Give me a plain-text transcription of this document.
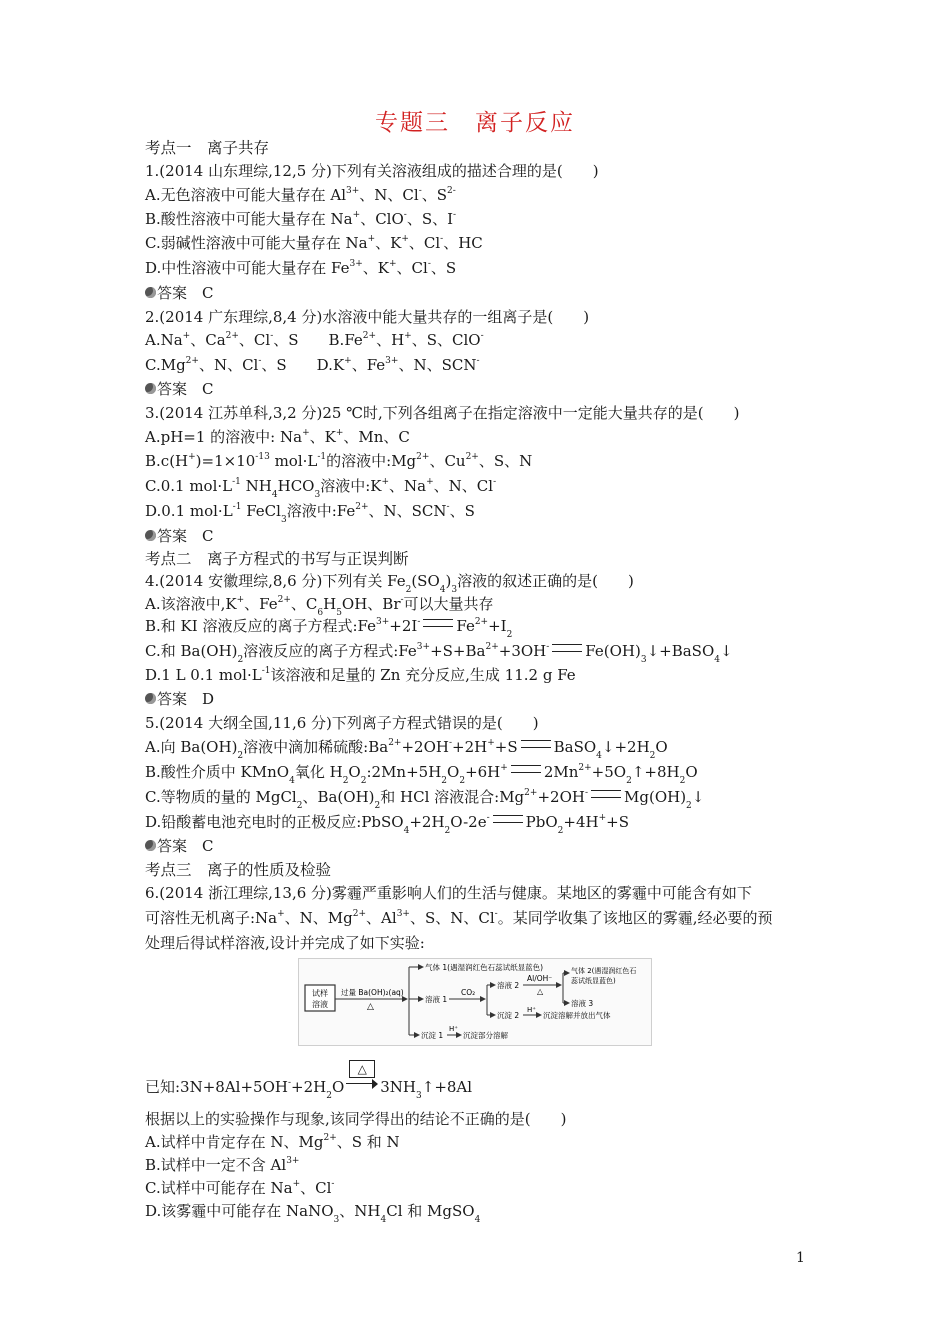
专题三　离子反应
考点一　离子共存
1.(2014 山东理综,12,5 分)下列有关溶液组成的描述合理的是(　　)
A.无色溶液中可能大量存在 $Al^{3+}$、N、Cl-、$S^{2-}$
B.酸性溶液中可能大量存在 Na+、ClO-、S、I-
C.弱碱性溶液中可能大量存在 Na+、K+、Cl-、HC
D.中性溶液中可能大量存在 $Fe^{3+}$、K+、Cl-、S
答案　 C
2.(2014 广东理综,8,4 分)水溶液中能大量共存的一组离子是(　　)
A.Na+、$Ca^{2+}$、Cl-、S　　$B.Fe^{2+}$、H+、S、ClO-
$C.Mg^{2+}$、N、Cl-、S　　D.K+、$Fe^{3+}$、N、SCN-
答案　 C
3.(2014 江苏单科,3,2 分)25 ℃时,下列各组离子在指定溶液中一定能大量共存的是(　　)
A.pH=1 的溶液中: Na+、K+、Mn、C
$B.c(H^+)=1\times 10^{-13}$ $mol\cdot L^{-1}$的溶液中$:Mg^{2+}$、$Cu^{2+}$、S、N
C.0.1 $mol\cdot L^{-1}$ $NH_4HCO_3$溶液中:K+、Na+、N、Cl-
D.0.1 $mol\cdot L^{-1}$ FeCl$_3$溶液中$:Fe^{2+}$、N、SCN-、S
答案　 C
考点二　离子方程式的书写与正误判断
4.(2014 安徽理综,8,6 分)下列有关 $Fe_2(SO_4)_3$溶液的叙述正确的是(　　)
A.该溶液中,K+、$Fe^{2+}$、$C_6H_5OH$、Br-可以大量共存
B.和 KI 溶液反应的离子方程式$:Fe^{3+}+2I^-$ $Fe^{2+}+I_2$
C.和 $Ba(OH)_2$溶液反应的离子方程式$:Fe^{3+}+S+Ba^{2+}+3OH^-$ $Fe(OH)_3↓+BaSO_4↓$
D.1 L 0.1 $mol\cdot L^{-1}$该溶液和足量的 Zn 充分反应,生成 11.2 g Fe
答案　 D
5.(2014 大纲全国,11,6 分)下列离子方程式错误的是(　　)
A.向 $Ba(OH)_2$溶液中滴加稀硫酸$:Ba^{2+}+2OH^-+2H^++S$ $BaSO_4↓+2H_2O$
B.酸性介质中 KMnO$_4$氧化 $H_2O_2:2Mn+5H_2O_2+6H^+$ $2Mn^{2+}+5O_2↑+8H_2O$
C.等物质的量的 MgCl$_2$、$Ba(OH)_2$和 HCl 溶液混合$:Mg^{2+}+2OH^-$ $Mg(OH)_2↓$
D.铅酸蓄电池充电时的正极反应$:PbSO_4+2H_2O-2e^-$ PbO$_2$+4H++S
答案　 C
考点三　离子的性质及检验
6.(2014 浙江理综,13,6 分)雾霾严重影响人们的生活与健康。某地区的雾霾中可能含有如下
可溶性无机离子:Na+、N、$Mg^{2+}$、$Al^{3+}$、S、N、Cl-。某同学收集了该地区的雾霾,经必要的预
处理后得试样溶液,设计并完成了如下实验:
试样
溶液
过量 Ba(OH)₂(aq)
△
气体 1(遇湿润红色石蕊试纸显蓝色)
溶液 1
CO₂
溶液 2
Al/OH⁻
△
气体 2(遇湿润红色石
蕊试纸显蓝色)
溶液 3
沉淀 2
H⁺
沉淀溶解并放出气体
沉淀 1
H⁺
沉淀部分溶解
已知$:3N+8Al+5OH^-+2H_2O$
△
$3NH_3↑+8Al$
根据以上的实验操作与现象,该同学得出的结论不正确的是(　　)
A.试样中肯定存在 N、$Mg^{2+}$、S 和 N
B.试样中一定不含 $Al^{3+}$
C.试样中可能存在 Na+、Cl-
D.该雾霾中可能存在 NaNO$_3$、$NH_4Cl$ 和 MgSO$_4$
1
